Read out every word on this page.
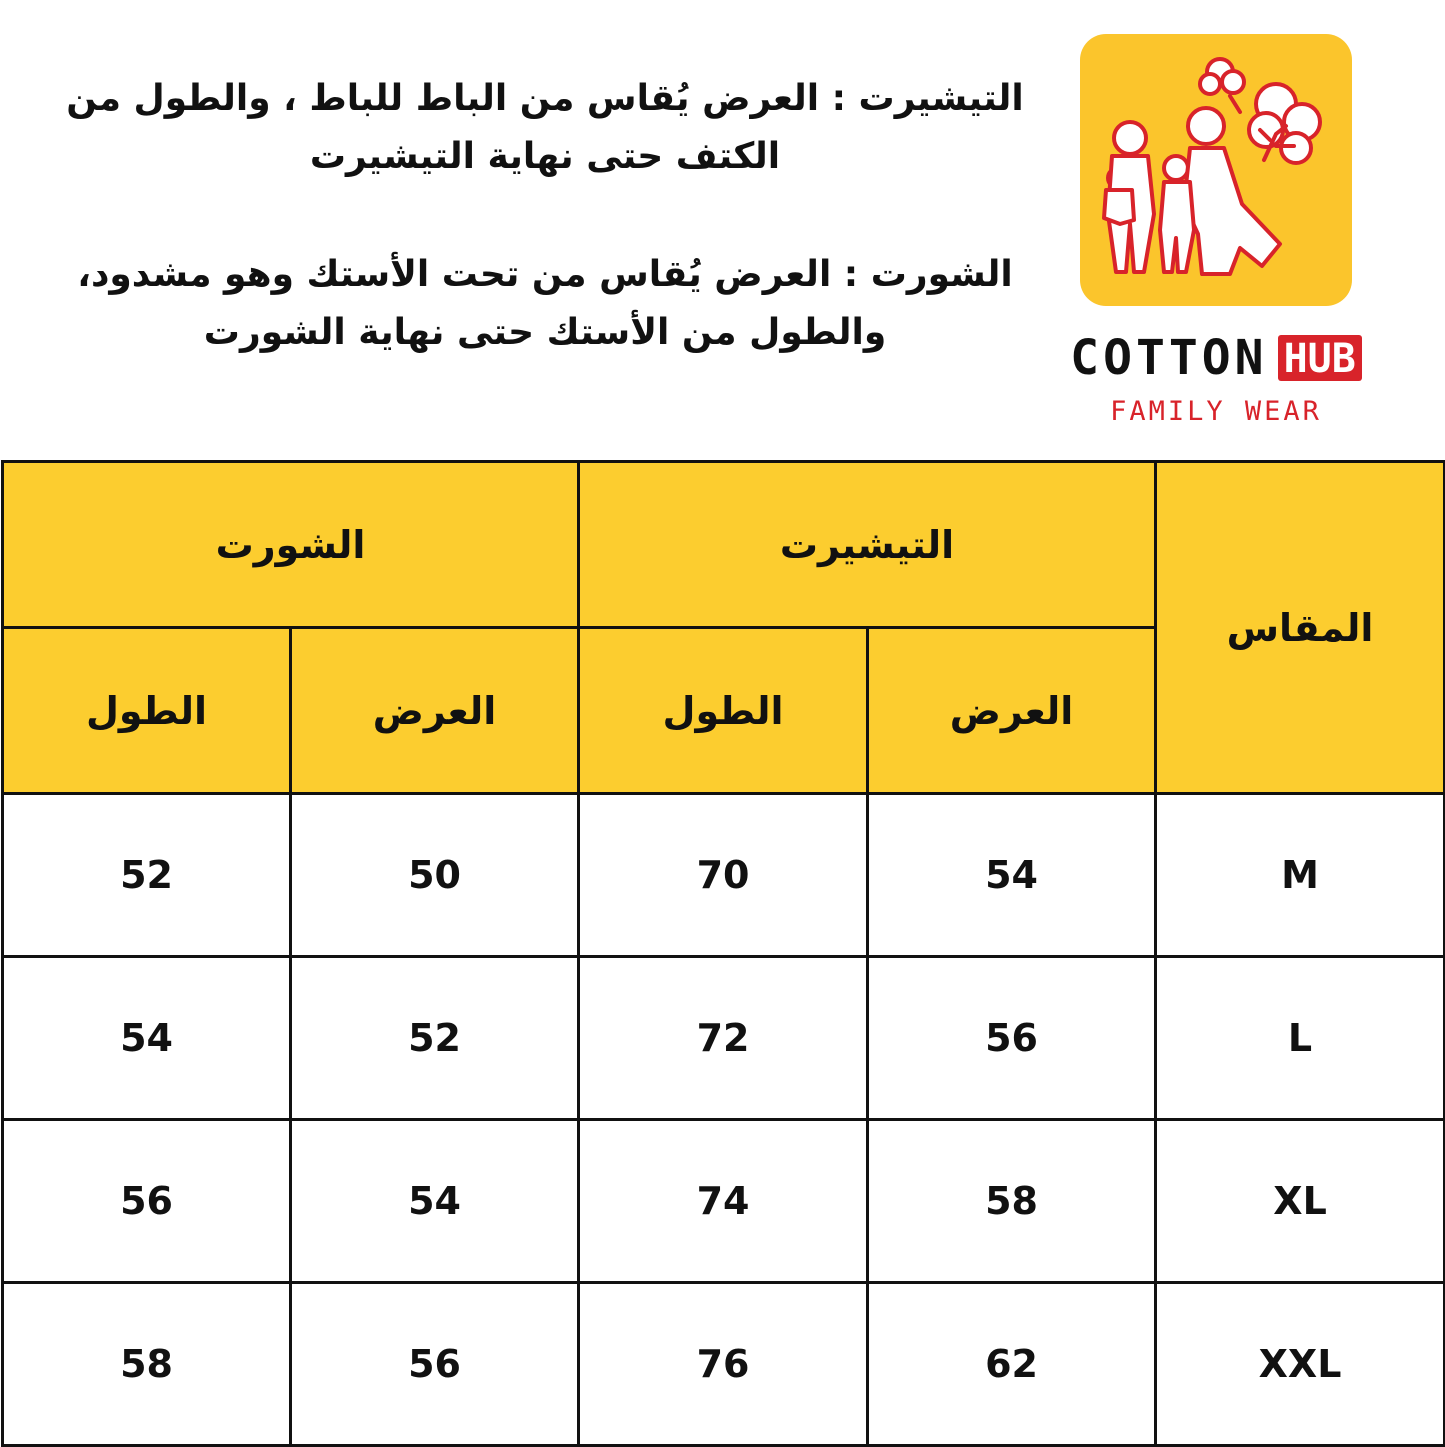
التيشيرت : العرض يُقاس من الباط للباط ، والطول من الكتف حتى نهاية التيشيرت

الشورت : العرض يُقاس من تحت الأستك وهو مشدود، والطول من الأستك حتى نهاية الشورت	COTTON HUB
FAMILY WEAR
المقاس	التيشيرت		الشورت	
	العرض	الطول	العرض	الطول
M	54	70	50	52
L	56	72	52	54
XL	58	74	54	56
XXL	62	76	56	58
